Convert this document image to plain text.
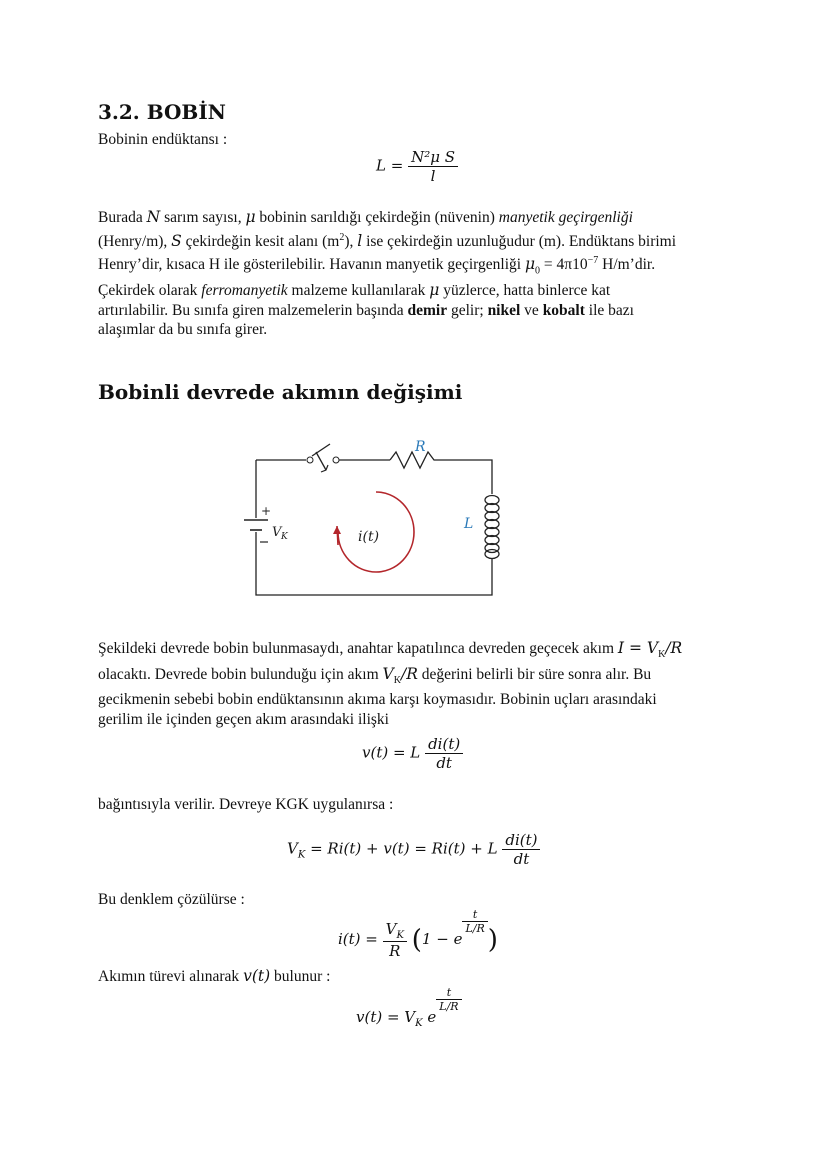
3.2. BOBİN
Bobinin endüktansı :
$L = \frac{\text{N²μ S}}{l}$
Burada N sarım sayısı, μ bobinin sarıldığı çekirdeğin (nüvenin) manyetik geçirgenliği
(Henry/m), S çekirdeğin kesit alanı $(m^2)$, l ise çekirdeğin uzunluğudur (m). Endüktans birimi
Henry’dir, kısaca H ile gösterilebilir. Havanın manyetik geçirgenliği $\mu_0 = 4\pi 10^{-7}$ H/m’dir.
Çekirdek olarak ferromanyetik malzeme kullanılarak μ yüzlerce, hatta binlerce kat
artırılabilir. Bu sınıfa giren malzemelerin başında demir gelir; nikel ve kobalt ile bazı
alaşımlar da bu sınıfa girer.
Bobinli devrede akımın değişimi
R
L
+
V K	i(t)
Şekildeki devrede bobin bulunmasaydı, anahtar kapatılınca devreden geçecek akım $I = V_K/R$
olacaktı. Devrede bobin bulunduğu için akım $V_K/R$ değerini belirli bir süre sonra alır. Bu
gecikmenin sebebi bobin endüktansının akıma karşı koymasıdır. Bobinin uçları arasındaki
gerilim ile içinden geçen akım arasındaki ilişki
v(t) = L $\frac{di(t)}{dt}$
bağıntısıyla verilir. Devreye KGK uygulanırsa :
$V_K = Ri(t) + v(t) = Ri(t) + L \frac{di(t)}{dt}$
Bu denklem çözülürse :
$i(t) = \frac{V_K}{R} (1 - e$
$\frac{t}{L/R}$
)
Akımın türevi alınarak v(t) bulunur :
$v(t) = V_K$ e
$\frac{t}{L/R}$
